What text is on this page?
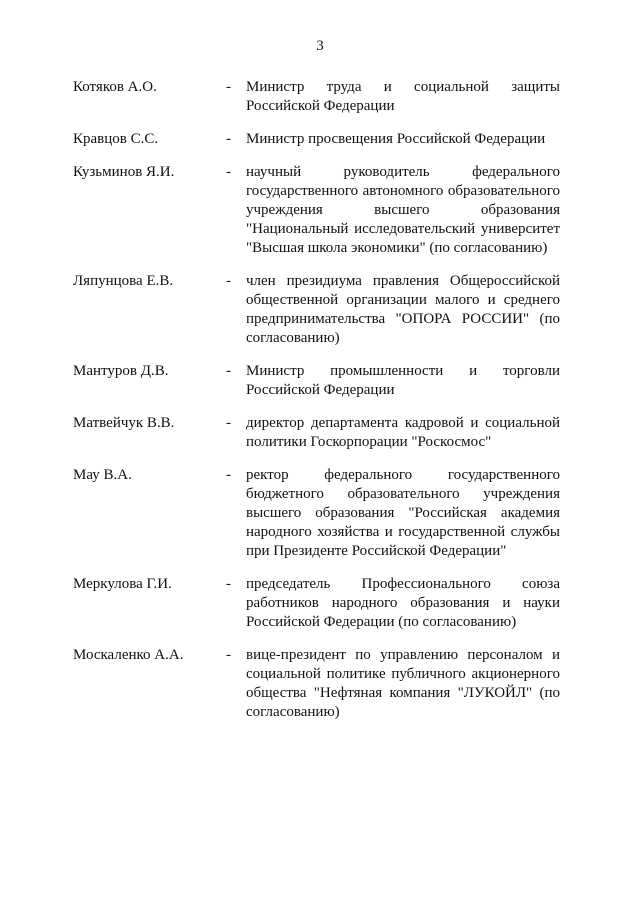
3
Котяков А.О.	-	Министр труда и социальной защиты Российской Федерации
Кравцов С.С.	-	Министр просвещения Российской Федерации
Кузьминов Я.И.	-	научный руководитель федерального государственного автономного образовательного учреждения высшего образования "Национальный исследовательский университет "Высшая школа экономики" (по согласованию)
Ляпунцова Е.В.	-	член президиума правления Общероссийской общественной организации малого и среднего предпринимательства "ОПОРА РОССИИ" (по согласованию)
Мантуров Д.В.	-	Министр промышленности и торговли Российской Федерации
Матвейчук В.В.	-	директор департамента кадровой и социальной политики Госкорпорации "Роскосмос"
Мау В.А.	-	ректор федерального государственного бюджетного образовательного учреждения высшего образования "Российская академия народного хозяйства и государственной службы при Президенте Российской Федерации"
Меркулова Г.И.	-	председатель Профессионального союза работников народного образования и науки Российской Федерации (по согласованию)
Москаленко А.А.	-	вице-президент по управлению персоналом и социальной политике публичного акционерного общества "Нефтяная компания "ЛУКОЙЛ" (по согласованию)
